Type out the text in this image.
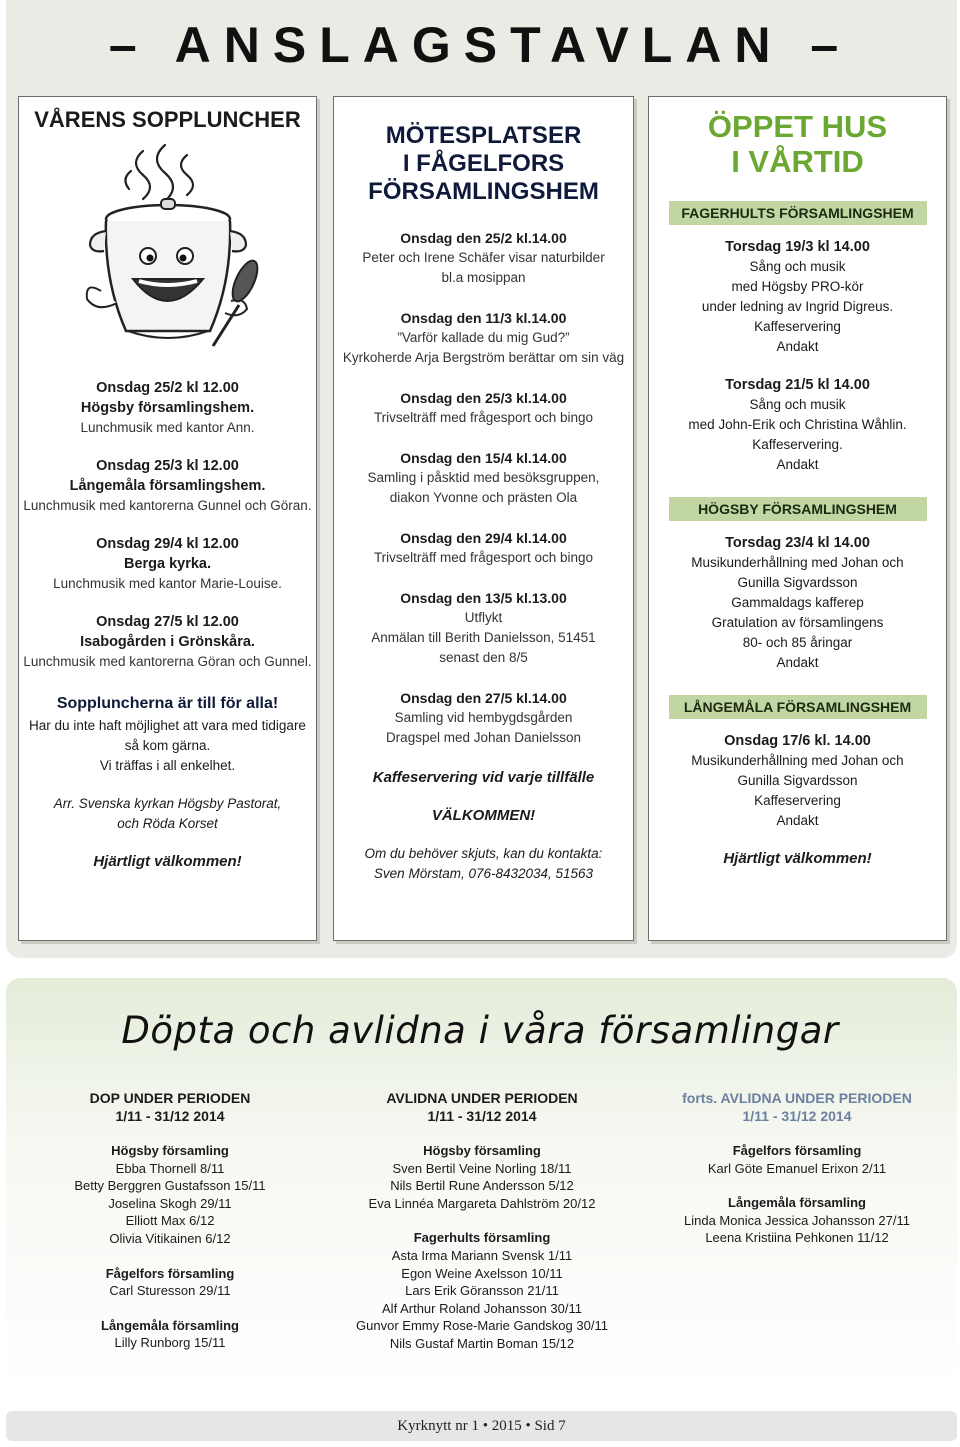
– ANSLAGSTAVLAN –
VÅRENS SOPPLUNCHER
Onsdag 25/2 kl 12.00
Högsby församlingshem.
Lunchmusik med kantor Ann.
Onsdag 25/3 kl 12.00
Långemåla församlingshem.
Lunchmusik med kantorerna Gunnel och Göran.
Onsdag 29/4 kl 12.00
Berga kyrka.
Lunchmusik med kantor Marie-Louise.
Onsdag 27/5 kl 12.00
Isabogården i Grönskåra.
Lunchmusik med kantorerna Göran och Gunnel.
Soppluncherna är till för alla!
Har du inte haft möjlighet att vara med tidigare
så kom gärna.
Vi träffas i all enkelhet.
Arr. Svenska kyrkan Högsby Pastorat,
och Röda Korset
Hjärtligt välkommen!
MÖTESPLATSER
I FÅGELFORS
FÖRSAMLINGSHEM
Onsdag den 25/2 kl.14.00
Peter och Irene Schäfer visar naturbilder
bl.a mosippan
Onsdag den 11/3 kl.14.00
”Varför kallade du mig Gud?”
Kyrkoherde Arja Bergström berättar om sin väg
Onsdag den 25/3 kl.14.00
Trivselträff med frågesport och bingo
Onsdag den 15/4 kl.14.00
Samling i påsktid med besöksgruppen,
diakon Yvonne och prästen Ola
Onsdag den 29/4 kl.14.00
Trivselträff med frågesport och bingo
Onsdag den 13/5 kl.13.00
Utflykt
Anmälan till Berith Danielsson, 51451
senast den 8/5
Onsdag den 27/5 kl.14.00
Samling vid hembygdsgården
Dragspel med Johan Danielsson
Kaffeservering vid varje tillfälle
VÄLKOMMEN!
Om du behöver skjuts, kan du kontakta:
Sven Mörstam, 076-8432034, 51563
ÖPPET HUS
I VÅRTID
FAGERHULTS FÖRSAMLINGSHEM
Torsdag 19/3 kl 14.00
Sång och musik
med Högsby PRO-kör
under ledning av Ingrid Digreus.
Kaffeservering
Andakt
Torsdag 21/5 kl 14.00
Sång och musik
med John-Erik och Christina Wåhlin.
Kaffeservering.
Andakt
HÖGSBY FÖRSAMLINGSHEM
Torsdag 23/4 kl 14.00
Musikunderhållning med Johan och
Gunilla Sigvardsson
Gammaldags kafferep
Gratulation av församlingens
80- och 85 åringar
Andakt
LÅNGEMÅLA FÖRSAMLINGSHEM
Onsdag 17/6 kl. 14.00
Musikunderhållning med Johan och
Gunilla Sigvardsson
Kaffeservering
Andakt
Hjärtligt välkommen!
Döpta och avlidna i våra församlingar
DOP UNDER PERIODEN
1/11 - 31/12 2014
Högsby församling
Ebba Thornell 8/11
Betty Berggren Gustafsson 15/11
Joselina Skogh 29/11
Elliott Max 6/12
Olivia Vitikainen 6/12
Fågelfors församling
Carl Sturesson 29/11
Långemåla församling
Lilly Runborg 15/11
AVLIDNA UNDER PERIODEN
1/11 - 31/12 2014
Högsby församling
Sven Bertil Veine Norling 18/11
Nils Bertil Rune Andersson 5/12
Eva Linnéa Margareta Dahlström 20/12
Fagerhults församling
Asta Irma Mariann Svensk 1/11
Egon Weine Axelsson 10/11
Lars Erik Göransson 21/11
Alf Arthur Roland Johansson 30/11
Gunvor Emmy Rose-Marie Gandskog 30/11
Nils Gustaf Martin Boman 15/12
forts. AVLIDNA UNDER PERIODEN
1/11 - 31/12 2014
Fågelfors församling
Karl Göte Emanuel Erixon 2/11
Långemåla församling
Linda Monica Jessica Johansson 27/11
Leena Kristiina Pehkonen 11/12
Kyrknytt nr 1 • 2015 • Sid 7
